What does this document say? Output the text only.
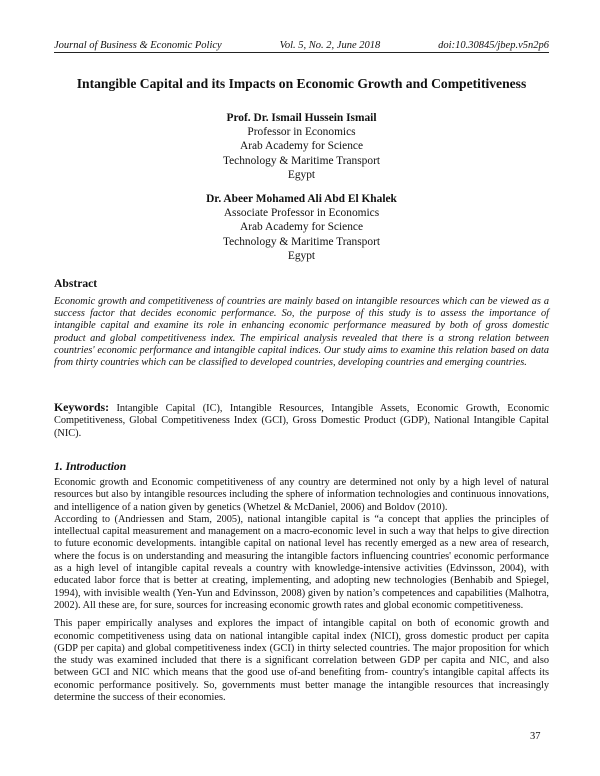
Journal of Business & Economic Policy	Vol. 5, No. 2, June 2018	doi:10.30845/jbep.v5n2p6
Intangible Capital and its Impacts on Economic Growth and Competitiveness
Prof. Dr. Ismail Hussein Ismail
Professor in Economics
Arab Academy for Science
Technology & Maritime Transport
Egypt
Dr. Abeer Mohamed Ali Abd El Khalek
Associate Professor in Economics
Arab Academy for Science
Technology & Maritime Transport
Egypt
Abstract
Economic growth and competitiveness of countries are mainly based on intangible resources which can be viewed as a success factor that decides economic performance. So, the purpose of this study is to assess the importance of intangible capital and examine its role in enhancing economic performance measured by both of gross domestic product and global competitiveness index. The empirical analysis revealed that there is a strong relation between countries' economic performance and intangible capital indices. Our study aims to examine this relation based on data from thirty countries which can be classified to developed countries, developing countries and emerging countries.
Keywords: Intangible Capital (IC), Intangible Resources, Intangible Assets, Economic Growth, Economic Competitiveness, Global Competitiveness Index (GCI), Gross Domestic Product (GDP), National Intangible Capital (NIC).
1. Introduction

Economic growth and Economic competitiveness of any country are determined not only by a high level of natural resources but also by intangible resources including the sphere of information technologies and continuous innovations, and intelligence of a nation given by genetics (Whetzel & McDaniel, 2006) and Boldov (2010).

According to (Andriessen and Stam, 2005), national intangible capital is “a concept that applies the principles of intellectual capital measurement and management on a macro-economic level in such a way that helps to give direction to future economic developments. intangible capital on national level has recently emerged as a new area of research, where the focus is on understanding and measuring the intangible factors influencing countries' economic performance as a high level of intangible capital reveals a country with knowledge-intensive activities (Edvinsson, 2004), with educated labor force that is better at creating, implementing, and adopting new technologies (Benhabib and Spiegel, 1994), with invisible wealth (Yen-Yun and Edvinsson, 2008) given by nation’s competences and capabilities (Malhotra, 2002). All these are, for sure, sources for increasing economic growth rates and global economic competitiveness.

This paper empirically analyses and explores the impact of intangible capital on both of economic growth and economic competitiveness using data on national intangible capital index (NICI), gross domestic product per capita (GDP per capita) and global competitiveness index (GCI) in thirty selected countries. The major proposition for which the study was examined included that there is a significant correlation between GDP per capita and NIC, and also between GCI and NIC which means that the good use of-and benefiting from- country's intangible capital affects its economic performance positively. So, governments must better manage the intangible resources that increasingly determine the success of their economies.

37
